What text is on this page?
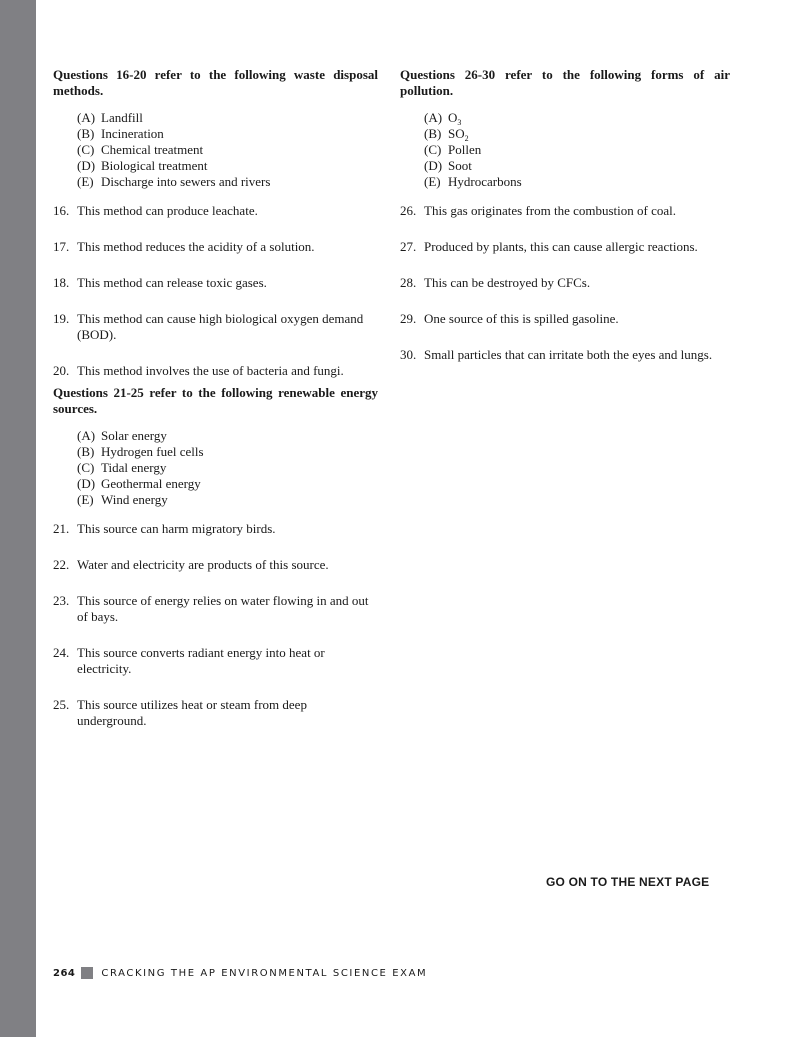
Questions 16-20 refer to the following waste disposal methods.
(A) Landfill
(B) Incineration
(C) Chemical treatment
(D) Biological treatment
(E) Discharge into sewers and rivers
16. This method can produce leachate.
17. This method reduces the acidity of a solution.
18. This method can release toxic gases.
19. This method can cause high biological oxygen demand (BOD).
20. This method involves the use of bacteria and fungi.
Questions 21-25 refer to the following renewable energy sources.
(A) Solar energy
(B) Hydrogen fuel cells
(C) Tidal energy
(D) Geothermal energy
(E) Wind energy
21. This source can harm migratory birds.
22. Water and electricity are products of this source.
23. This source of energy relies on water flowing in and out of bays.
24. This source converts radiant energy into heat or electricity.
25. This source utilizes heat or steam from deep underground.
Questions 26-30 refer to the following forms of air pollution.
(A) $O_3$
(B) $SO_2$
(C) Pollen
(D) Soot
(E) Hydrocarbons
26. This gas originates from the combustion of coal.
27. Produced by plants, this can cause allergic reactions.
28. This can be destroyed by CFCs.
29. One source of this is spilled gasoline.
30. Small particles that can irritate both the eyes and lungs.
GO ON TO THE NEXT PAGE
264	CRACKING THE AP ENVIRONMENTAL SCIENCE EXAM
